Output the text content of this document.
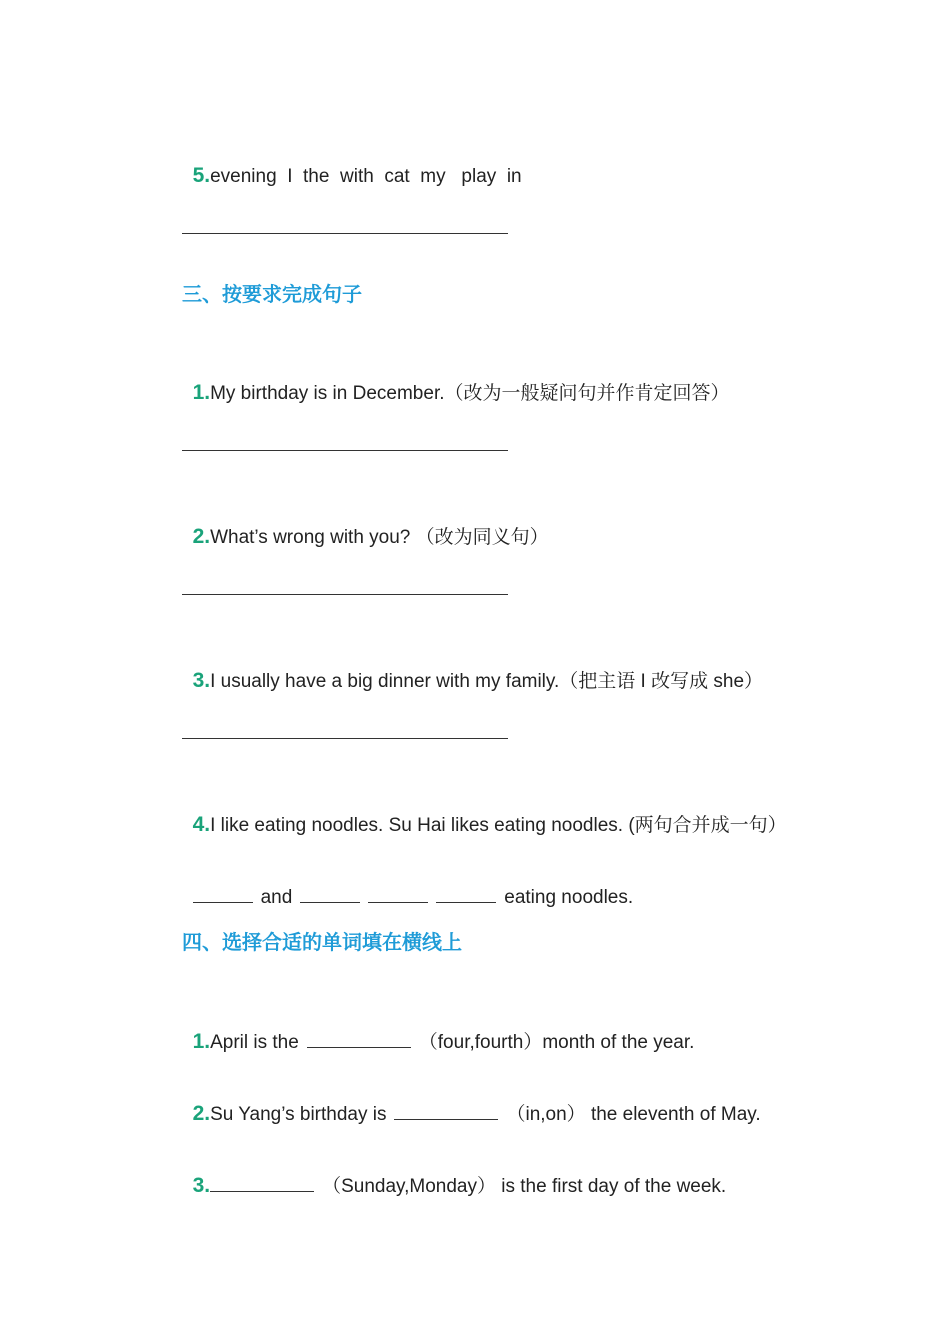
5.evening  I  the  with  cat  my   play  in

三、按要求完成句子

1.My birthday is in December.（改为一般疑问句并作肯定回答）

2.What’s wrong with you? （改为同义句）

3.I usually have a big dinner with my family.（把主语 I 改写成 she）

4.I like eating noodles. Su Hai likes eating noodles. (两句合并成一句）

and	eating noodles.

四、选择合适的单词填在横线上

1.April is the	（four,fourth）month of the year.

2.Su Yang’s birthday is	（in,on） the eleventh of May.

3.	（Sunday,Monday） is the first day of the week.
